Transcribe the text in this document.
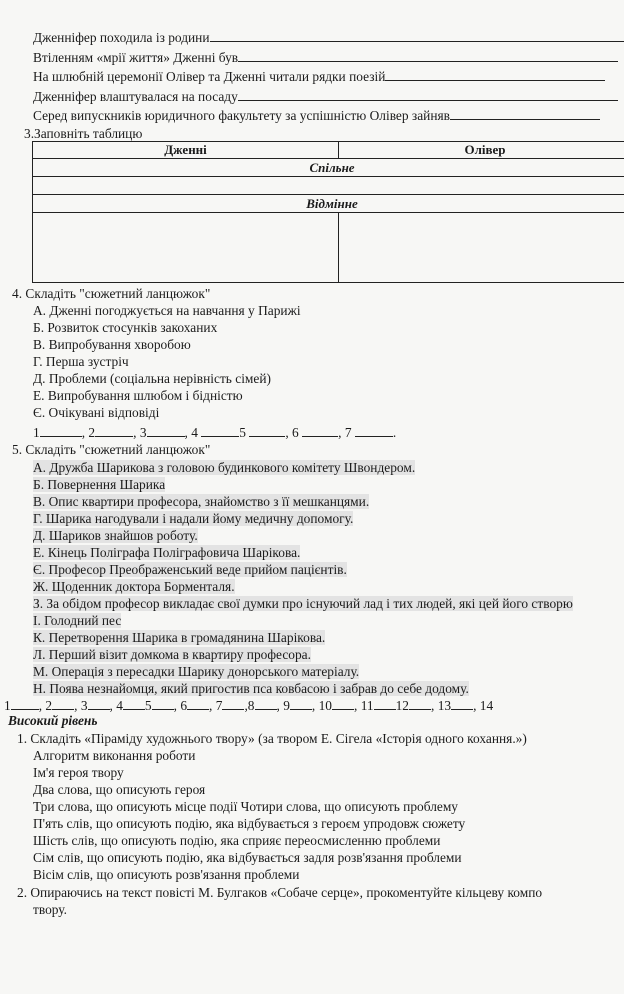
Дженніфер походила із родини
Втіленням «мрії життя» Дженні був
На шлюбній церемонії Олівер та Дженні читали рядки поезій
Дженніфер влаштувалася на посаду
Серед випускників юридичного факультету за успішністю Олівер зайняв
3.Заповніть таблицю
Дженні	Олівер
Спільне	

Відмінне	

4. Складіть "сюжетний ланцюжок"
А. Дженні погоджується на навчання у Парижі
Б. Розвиток стосунків закоханих
В. Випробування хворобою
Г. Перша зустріч
Д. Проблеми (соціальна нерівність сімей)
Е. Випробування шлюбом і бідністю
Є. Очікувані відповіді
1	, 2	, 3	, 4	5	, 6	, 7	.
5. Складіть "сюжетний ланцюжок"
А. Дружба Шарикова з головою будинкового комітету Швондером.
Б. Повернення Шарика
В. Опис квартири професора, знайомство з її мешканцями.
Г. Шарика нагодували і надали йому медичну допомогу.
Д. Шариков знайшов роботу.
Е. Кінець Поліграфа Поліграфовича Шарікова.
Є. Професор Преображенський веде прийом пацієнтів.
Ж. Щоденник доктора Борменталя.
З. За обідом професор викладає свої думки про існуючий лад і тих людей, які цей його створю
І. Голодний пес
К. Перетворення Шарика в громадянина Шарікова.
Л. Перший візит домкома в квартиру професора.
М. Операція з пересадки Шарику донорського матеріалу.
Н. Поява незнайомця, який пригостив пса ковбасою і забрав до себе додому.
1 , 2 , 3 , 4 5 , 6 , 7 ,8 , 9 , 10 , 11 12 , 13 , 14
Високий рівень
1. Складіть «Піраміду художнього твору» (за твором Е. Сігела «Історія одного кохання.»)
Алгоритм виконання роботи
Ім'я героя твору
Два слова, що описують героя
Три слова, що описують місце події Чотири слова, що описують проблему
П'ять слів, що описують подію, яка відбувається з героєм упродовж сюжету
Шість слів, що описують подію, яка сприяє переосмисленню проблеми
Сім слів, що описують подію, яка відбувається задля розв'язання проблеми
Вісім слів, що описують розв'язання проблеми
2. Опираючись на текст повісті М. Булгаков «Собаче серце», прокоментуйте кільцеву компо
твору.
